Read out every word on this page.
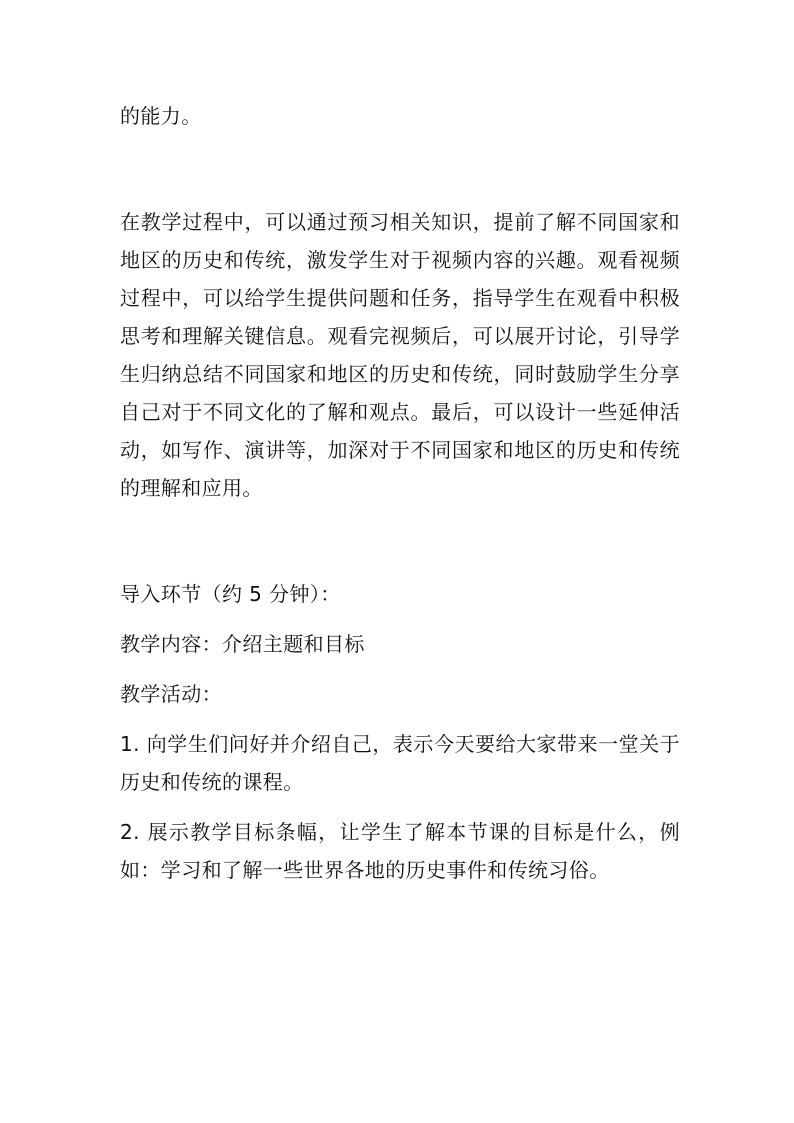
的能力。

在教学过程中，可以通过预习相关知识，提前了解不同国家和地区的历史和传统，激发学生对于视频内容的兴趣。观看视频过程中，可以给学生提供问题和任务，指导学生在观看中积极思考和理解关键信息。观看完视频后，可以展开讨论，引导学生归纳总结不同国家和地区的历史和传统，同时鼓励学生分享自己对于不同文化的了解和观点。最后，可以设计一些延伸活动，如写作、演讲等，加深对于不同国家和地区的历史和传统的理解和应用。

导入环节（约 5 分钟）：

教学内容：介绍主题和目标

教学活动：

1. 向学生们问好并介绍自己，表示今天要给大家带来一堂关于历史和传统的课程。

2. 展示教学目标条幅，让学生了解本节课的目标是什么，例如：学习和了解一些世界各地的历史事件和传统习俗。
